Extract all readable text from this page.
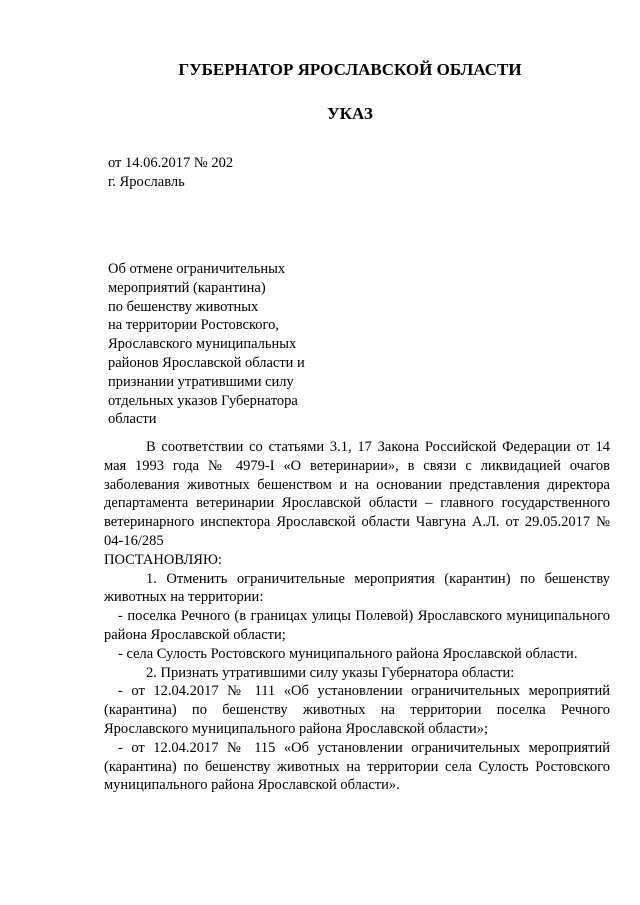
ГУБЕРНАТОР ЯРОСЛАВСКОЙ ОБЛАСТИ
УКАЗ
от 14.06.2017 № 202
г. Ярославль
Об отмене ограничительных
мероприятий (карантина)
по бешенству животных
на территории Ростовского,
Ярославского муниципальных
районов Ярославской области и
признании утратившими силу
отдельных указов Губернатора
области

В соответствии со статьями 3.1, 17 Закона Российской Федерации от 14 мая 1993 года № 4979-I «О ветеринарии», в связи с ликвидацией очагов заболевания животных бешенством и на основании представления директора департамента ветеринарии Ярославской области – главного государственного ветеринарного инспектора Ярославской области Чавгуна А.Л. от 29.05.2017 № 04-16/285

ПОСТАНОВЛЯЮ:

1. Отменить ограничительные мероприятия (карантин) по бешенству животных на территории:

- поселка Речного (в границах улицы Полевой) Ярославского муниципального района Ярославской области;

- села Сулость Ростовского муниципального района Ярославской области.

2. Признать утратившими силу указы Губернатора области:

- от 12.04.2017 № 111 «Об установлении ограничительных мероприятий (карантина) по бешенству животных на территории поселка Речного Ярославского муниципального района Ярославской области»;

- от 12.04.2017 № 115 «Об установлении ограничительных мероприятий (карантина) по бешенству животных на территории села Сулость Ростовского муниципального района Ярославской области».
